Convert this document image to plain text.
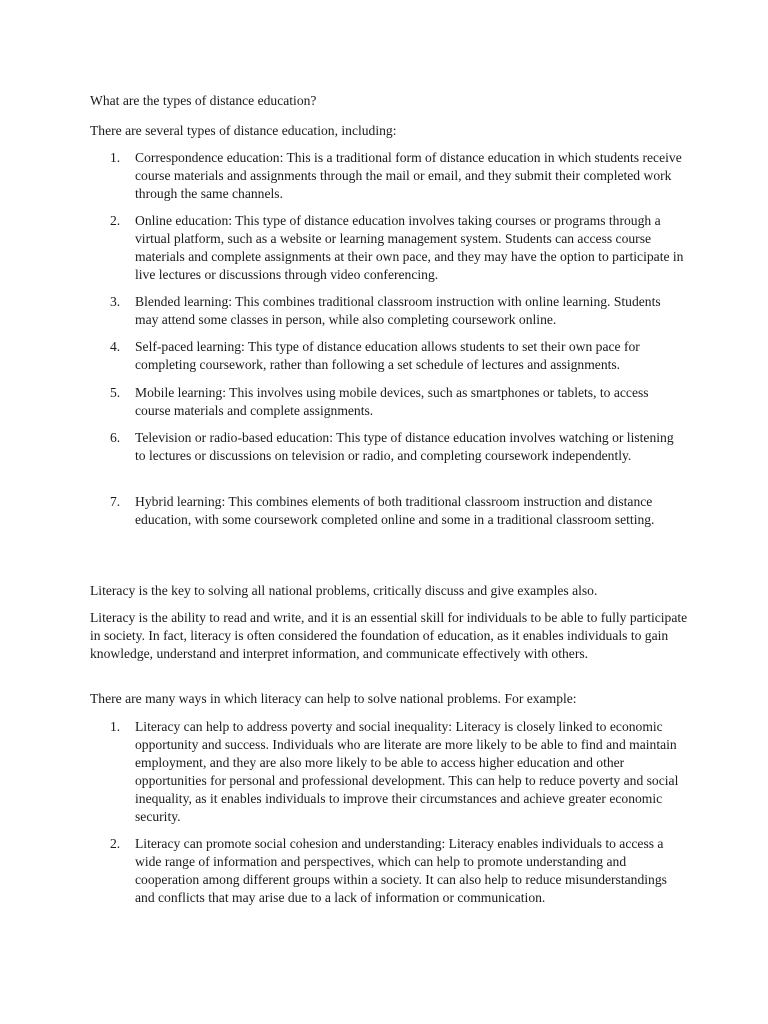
What are the types of distance education?

There are several types of distance education, including:

1.	Correspondence education: This is a traditional form of distance education in which students receive course materials and assignments through the mail or email, and they submit their completed work through the same channels.
2.	Online education: This type of distance education involves taking courses or programs through a virtual platform, such as a website or learning management system. Students can access course materials and complete assignments at their own pace, and they may have the option to participate in live lectures or discussions through video conferencing.
3.	Blended learning: This combines traditional classroom instruction with online learning. Students may attend some classes in person, while also completing coursework online.
4.	Self-paced learning: This type of distance education allows students to set their own pace for completing coursework, rather than following a set schedule of lectures and assignments.
5.	Mobile learning: This involves using mobile devices, such as smartphones or tablets, to access course materials and complete assignments.
6.	Television or radio-based education: This type of distance education involves watching or listening to lectures or discussions on television or radio, and completing coursework independently.
7.	Hybrid learning: This combines elements of both traditional classroom instruction and distance education, with some coursework completed online and some in a traditional classroom setting.

Literacy is the key to solving all national problems, critically discuss and give examples also.

Literacy is the ability to read and write, and it is an essential skill for individuals to be able to fully participate in society. In fact, literacy is often considered the foundation of education, as it enables individuals to gain knowledge, understand and interpret information, and communicate effectively with others.

There are many ways in which literacy can help to solve national problems. For example:

1.	Literacy can help to address poverty and social inequality: Literacy is closely linked to economic opportunity and success. Individuals who are literate are more likely to be able to find and maintain employment, and they are also more likely to be able to access higher education and other opportunities for personal and professional development. This can help to reduce poverty and social inequality, as it enables individuals to improve their circumstances and achieve greater economic security.
2.	Literacy can promote social cohesion and understanding: Literacy enables individuals to access a wide range of information and perspectives, which can help to promote understanding and cooperation among different groups within a society. It can also help to reduce misunderstandings and conflicts that may arise due to a lack of information or communication.
